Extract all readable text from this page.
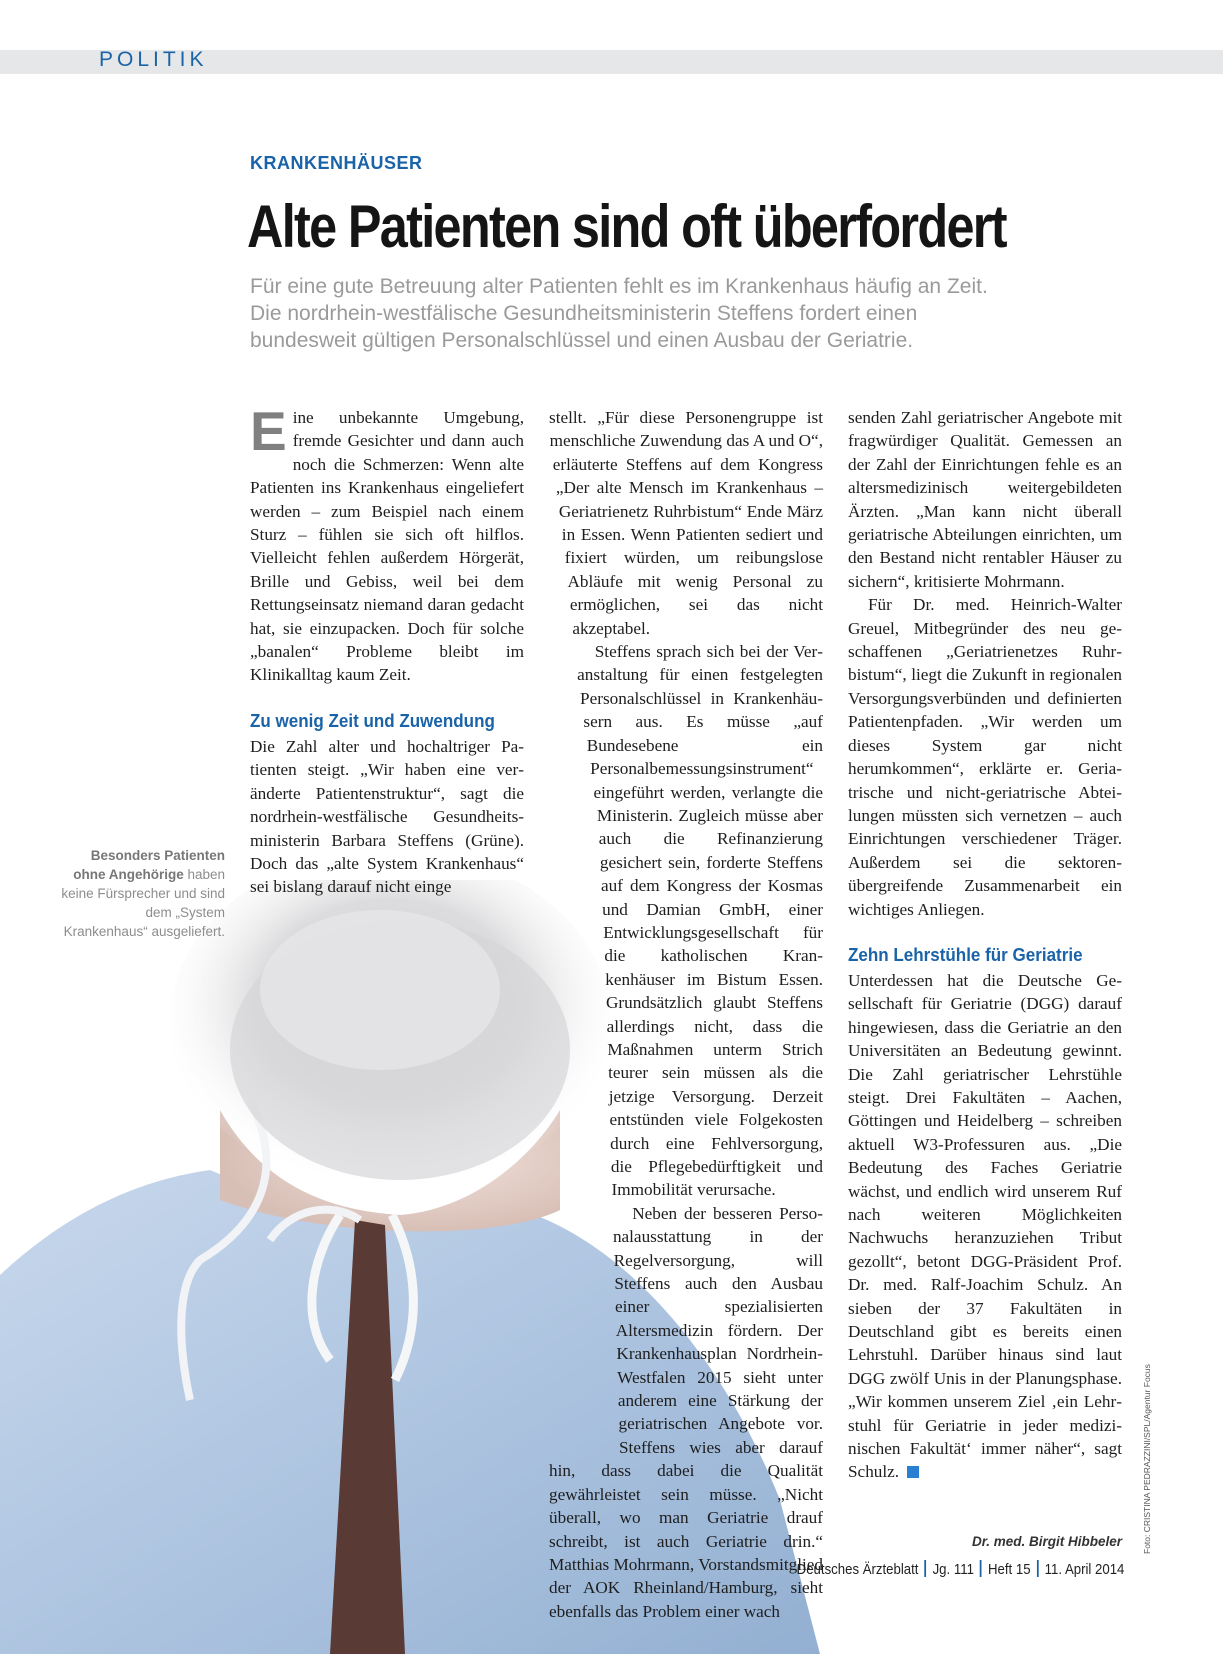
POLITIK
KRANKENHÄUSER
Alte Patienten sind oft überfordert
Für eine gute Betreuung alter Patienten fehlt es im Krankenhaus häufig an Zeit.
Die nordrhein-westfälische Gesundheitsministerin Steffens fordert einen
bundesweit gültigen Personalschlüssel und einen Ausbau der Geriatrie.
Besonders Patienten ohne Angehörige haben keine Fürsprecher und sind dem „System Krankenhaus“ ausgeliefert.

Eine unbekannte Umgebung, fremde Gesichter und dann auch noch die Schmerzen: Wenn alte Patienten ins Krankenhaus eingeliefert werden – zum Beispiel nach einem Sturz – fühlen sie sich oft hilflos. Vielleicht fehlen außerdem Hörgerät, Brille und Gebiss, weil bei dem Rettungseinsatz niemand daran gedacht hat, sie einzupacken. Doch für solche „banalen“ Probleme bleibt im Klinikalltag kaum Zeit.

Zu wenig Zeit und Zuwendung

Die Zahl alter und hochaltriger Patienten steigt. „Wir haben eine veränderte Patientenstruktur“, sagt die nordrhein-westfälische Gesundheitsministerin Barbara Steffens (Grüne). Doch das „alte System Krankenhaus“ sei bislang darauf nicht einge

stellt. „Für diese Personengruppe ist menschliche Zuwendung das A und O“, erläuterte Steffens auf dem Kongress „Der alte Mensch im Krankenhaus – Geriatrienetz Ruhrbistum“ Ende März in Essen. Wenn Patienten sediert und fixiert würden, um reibungslose Abläufe mit wenig Personal zu ermöglichen, sei das nicht akzeptabel.

Steffens sprach sich bei der Veranstaltung für einen festgelegten Personalschlüssel in Krankenhäusern aus. Es müsse „auf Bundesebene ein Personalbemessungsinstrument“ eingeführt werden, verlangte die Ministerin. Zugleich müsse aber auch die Refinanzierung gesichert sein, forderte Steffens auf dem Kongress der Kosmas und Damian GmbH, einer Entwicklungsgesellschaft für die katholischen Krankenhäuser im Bistum Essen. Grundsätzlich glaubt Steffens allerdings nicht, dass die Maßnahmen unterm Strich teurer sein müssen als die jetzige Versorgung. Derzeit entstünden viele Folgekosten durch eine Fehlversorgung, die Pflegebedürftigkeit und Immobilität verursache.

Neben der besseren Personalausstattung in der Regelversorgung, will Steffens auch den Ausbau einer spezialisierten Altersmedizin fördern. Der Krankenhausplan Nordrhein-Westfalen 2015 sieht unter anderem eine Stärkung der geriatrischen Angebote vor. Steffens wies aber darauf hin, dass dabei die Qualität gewährleistet sein müsse. „Nicht überall, wo man Geriatrie drauf schreibt, ist auch Geriatrie drin.“ Matthias Mohrmann, Vorstandsmitglied der AOK Rheinland/Hamburg, sieht ebenfalls das Problem einer wach

senden Zahl geriatrischer Angebote mit fragwürdiger Qualität. Gemessen an der Zahl der Einrichtungen fehle es an altersmedizinisch weitergebildeten Ärzten. „Man kann nicht überall geriatrische Abteilungen einrichten, um den Bestand nicht rentabler Häuser zu sichern“, kritisierte Mohrmann.

Für Dr. med. Heinrich-Walter Greuel, Mitbegründer des neu geschaffenen „Geriatrienetzes Ruhrbistum“, liegt die Zukunft in regionalen Versorgungsverbünden und definierten Patientenpfaden. „Wir werden um dieses System gar nicht herumkommen“, erklärte er. Geriatrische und nicht-geriatrische Abteilungen müssten sich vernetzen – auch Einrichtungen verschiedener Träger. Außerdem sei die sektorenübergreifende Zusammenarbeit ein wichtiges Anliegen.

Zehn Lehrstühle für Geriatrie

Unterdessen hat die Deutsche Gesellschaft für Geriatrie (DGG) darauf hingewiesen, dass die Geriatrie an den Universitäten an Bedeutung gewinnt. Die Zahl geriatrischer Lehrstühle steigt. Drei Fakultäten – Aachen, Göttingen und Heidelberg – schreiben aktuell W3-Professuren aus. „Die Bedeutung des Faches Geriatrie wächst, und endlich wird unserem Ruf nach weiteren Möglichkeiten Nachwuchs heranzuziehen Tribut gezollt“, betont DGG-Präsident Prof. Dr. med. Ralf-Joachim Schulz. An sieben der 37 Fakultäten in Deutschland gibt es bereits einen Lehrstuhl. Darüber hinaus sind laut DGG zwölf Unis in der Planungsphase. „Wir kommen unserem Ziel ‚ein Lehrstuhl für Geriatrie in jeder medizinischen Fakultät‘ immer näher“, sagt Schulz.

Dr. med. Birgit Hibbeler Foto: CRISTINA PEDRAZZINI/SPL/Agentur Focus
Deutsches Ärzteblatt Jg. 111 Heft 15 11. April 2014
